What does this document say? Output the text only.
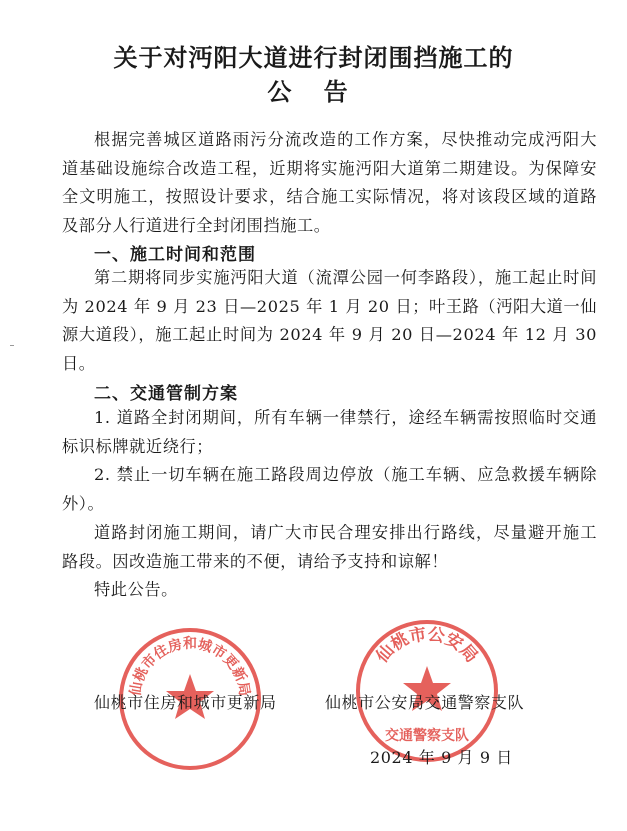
关于对沔阳大道进行封闭围挡施工的
公 告
根据完善城区道路雨污分流改造的工作方案，尽快推动完成沔阳大道基础设施综合改造工程，近期将实施沔阳大道第二期建设。为保障安全文明施工，按照设计要求，结合施工实际情况，将对该段区域的道路及部分人行道进行全封闭围挡施工。
一、施工时间和范围
第二期将同步实施沔阳大道（流潭公园一何李路段），施工起止时间为 2024 年 9 月 23 日—2025 年 1 月 20 日；叶王路（沔阳大道一仙源大道段），施工起止时间为 2024 年 9 月 20 日—2024 年 12 月 30 日。
二、交通管制方案
1. 道路全封闭期间，所有车辆一律禁行，途经车辆需按照临时交通标识标牌就近绕行；
2. 禁止一切车辆在施工路段周边停放（施工车辆、应急救援车辆除外）。
道路封闭施工期间，请广大市民合理安排出行路线，尽量避开施工路段。因改造施工带来的不便，请给予支持和谅解！
特此公告。
仙桃市住房和城市更新局
仙桃市公安局
交通警察支队
仙桃市住房和城市更新局	仙桃市公安局交通警察支队
2024 年 9 月 9 日
